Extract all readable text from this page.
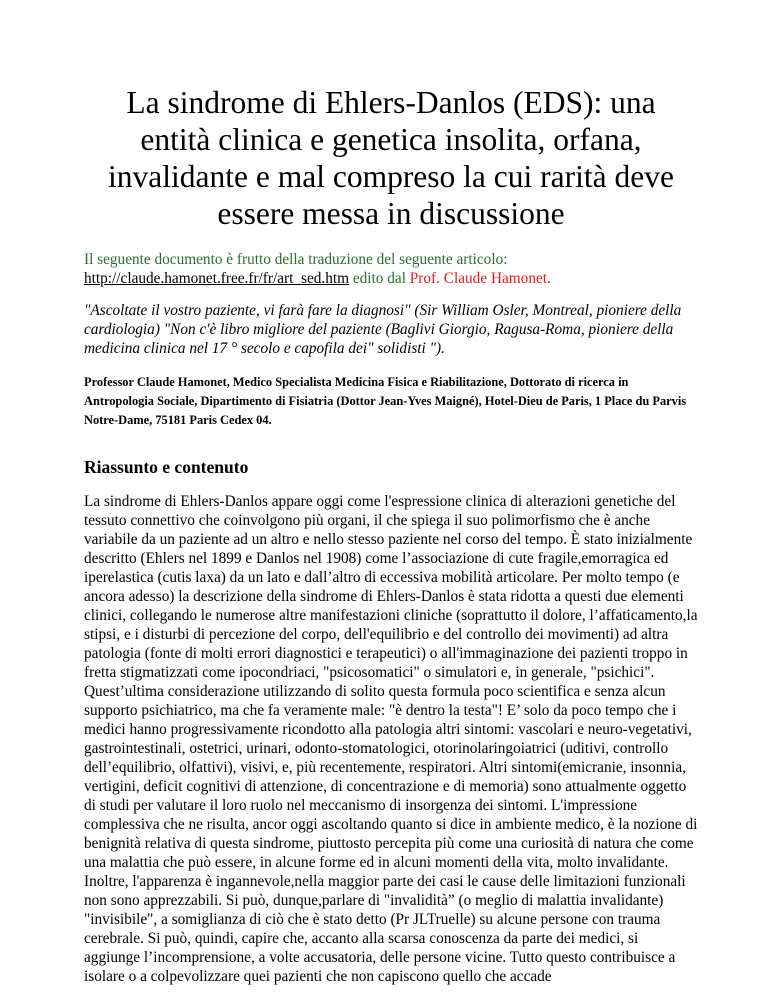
La sindrome di Ehlers-Danlos (EDS): una entità clinica e genetica insolita, orfana, invalidante e mal compreso la cui rarità deve essere messa in discussione

Il seguente documento è frutto della traduzione del seguente articolo: http://claude.hamonet.free.fr/fr/art_sed.htm edito dal Prof. Claude Hamonet.

"Ascoltate il vostro paziente, vi farà fare la diagnosi" (Sir William Osler, Montreal, pioniere della cardiologia) "Non c'è libro migliore del paziente (Baglivi Giorgio, Ragusa-Roma, pioniere della medicina clinica nel 17 ° secolo e capofila dei" solidisti ").

Professor Claude Hamonet, Medico Specialista Medicina Fisica e Riabilitazione, Dottorato di ricerca in Antropologia Sociale, Dipartimento di Fisiatria (Dottor Jean-Yves Maigné), Hotel-Dieu de Paris, 1 Place du Parvis Notre-Dame, 75181 Paris Cedex 04.

Riassunto e contenuto

La sindrome di Ehlers-Danlos appare oggi come l'espressione clinica di alterazioni genetiche del tessuto connettivo che coinvolgono più organi, il che spiega il suo polimorfismo che è anche variabile da un paziente ad un altro e nello stesso paziente nel corso del tempo. È stato inizialmente descritto (Ehlers nel 1899 e Danlos nel 1908) come l’associazione di cute fragile,emorragica ed iperelastica (cutis laxa) da un lato e dall’altro di eccessiva mobilità articolare. Per molto tempo (e ancora adesso) la descrizione della sindrome di Ehlers-Danlos è stata ridotta a questi due elementi clinici, collegando le numerose altre manifestazioni cliniche (soprattutto il dolore, l’affaticamento,la stipsi, e i disturbi di percezione del corpo, dell'equilibrio e del controllo dei movimenti) ad altra patologia (fonte di molti errori diagnostici e terapeutici) o all'immaginazione dei pazienti troppo in fretta stigmatizzati come ipocondriaci, "psicosomatici" o simulatori e, in generale, "psichici". Quest’ultima considerazione utilizzando di solito questa formula poco scientifica e senza alcun supporto psichiatrico, ma che fa veramente male: "è dentro la testa"! E’ solo da poco tempo che i medici hanno progressivamente ricondotto alla patologia altri sintomi: vascolari e neuro-vegetativi, gastrointestinali, ostetrici, urinari, odonto-stomatologici, otorinolaringoiatrici (uditivi, controllo dell’equilibrio, olfattivi), visivi, e, più recentemente, respiratori. Altri sintomi(emicranie, insonnia, vertigini, deficit cognitivi di attenzione, di concentrazione e di memoria) sono attualmente oggetto di studi per valutare il loro ruolo nel meccanismo di insorgenza dei sintomi. L'impressione complessiva che ne risulta, ancor oggi ascoltando quanto si dice in ambiente medico, è la nozione di benignità relativa di questa sindrome, piuttosto percepita più come una curiosità di natura che come una malattia che può essere, in alcune forme ed in alcuni momenti della vita, molto invalidante. Inoltre, l'apparenza è ingannevole,nella maggior parte dei casi le cause delle limitazioni funzionali non sono apprezzabili. Si può, dunque,parlare di "invalidità” (o meglio di malattia invalidante) "invisibile", a somiglianza di ciò che è stato detto (Pr JLTruelle) su alcune persone con trauma cerebrale. Si può, quindi, capire che, accanto alla scarsa conoscenza da parte dei medici, si aggiunge l’incomprensione, a volte accusatoria, delle persone vicine. Tutto questo contribuisce a isolare o a colpevolizzare quei pazienti che non capiscono quello che accade
